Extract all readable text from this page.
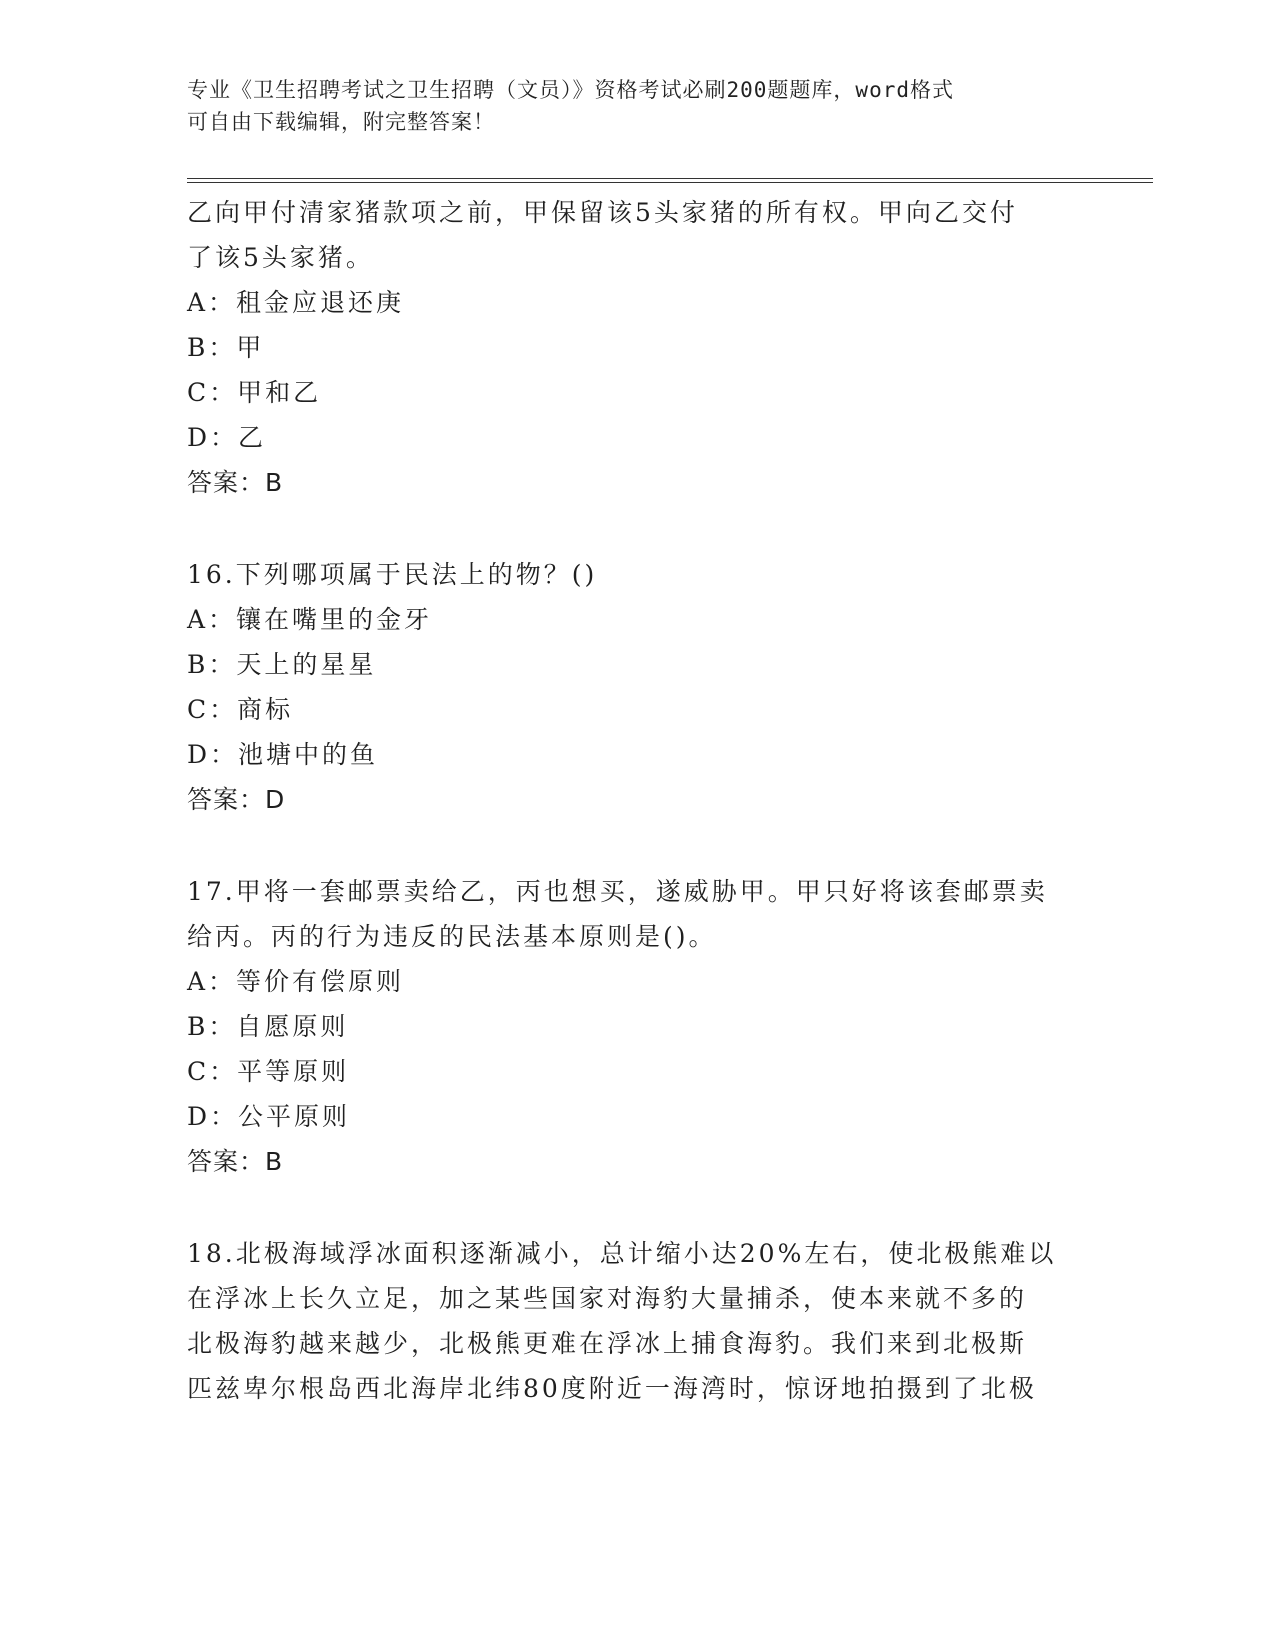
专业《卫生招聘考试之卫生招聘（文员）》资格考试必刷200题题库，word格式
可自由下载编辑，附完整答案！
乙向甲付清家猪款项之前，甲保留该5头家猪的所有权。甲向乙交付
了该5头家猪。
A：租金应退还庚
B：甲
C：甲和乙
D：乙
答案：B
16.下列哪项属于民法上的物？()
A：镶在嘴里的金牙
B：天上的星星
C：商标
D：池塘中的鱼
答案：D
17.甲将一套邮票卖给乙，丙也想买，遂威胁甲。甲只好将该套邮票卖
给丙。丙的行为违反的民法基本原则是()。
A：等价有偿原则
B：自愿原则
C：平等原则
D：公平原则
答案：B
18.北极海域浮冰面积逐渐减小，总计缩小达20%左右，使北极熊难以
在浮冰上长久立足，加之某些国家对海豹大量捕杀，使本来就不多的
北极海豹越来越少，北极熊更难在浮冰上捕食海豹。我们来到北极斯
匹兹卑尔根岛西北海岸北纬80度附近一海湾时，惊讶地拍摄到了北极
